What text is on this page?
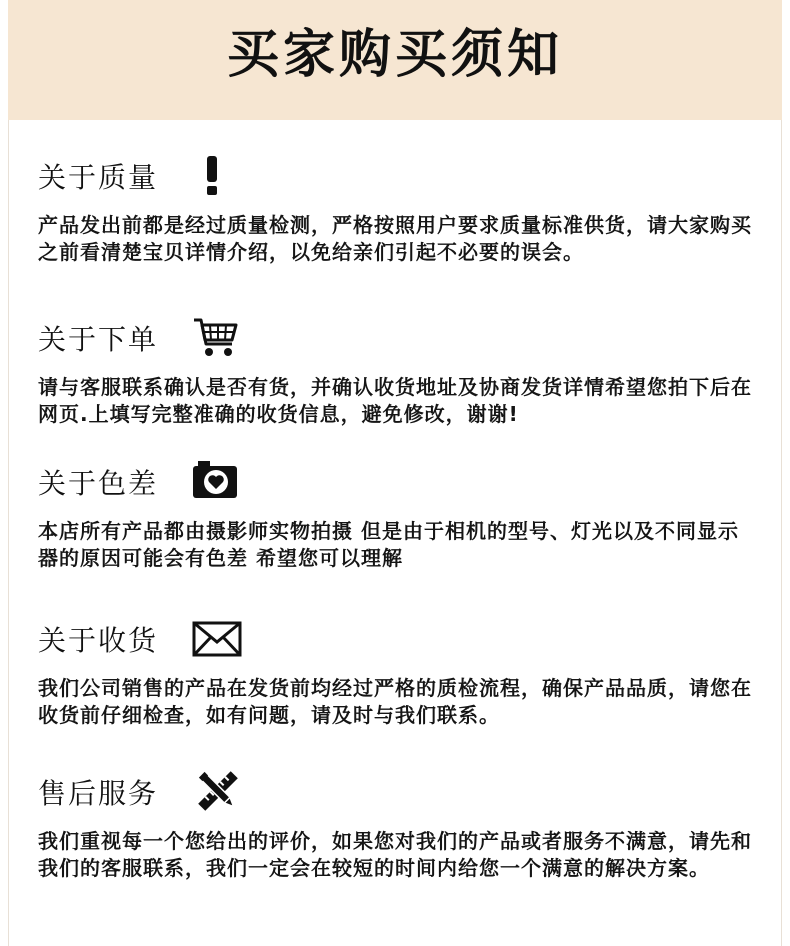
买家购买须知
关于质量
产品发出前都是经过质量检测，严格按照用户要求质量标准供货，请大家购买之前看清楚宝贝详情介绍，以免给亲们引起不必要的误会。
关于下单
请与客服联系确认是否有货，并确认收货地址及协商发货详情希望您拍下后在网页.上填写完整准确的收货信息，避免修改，谢谢!
关于色差
本店所有产品都由摄影师实物拍摄 但是由于相机的型号、灯光以及不同显示器的原因可能会有色差 希望您可以理解
关于收货
我们公司销售的产品在发货前均经过严格的质检流程，确保产品品质，请您在收货前仔细检查，如有问题，请及时与我们联系。
售后服务
我们重视每一个您给出的评价，如果您对我们的产品或者服务不满意，请先和我们的客服联系，我们一定会在较短的时间内给您一个满意的解决方案。
